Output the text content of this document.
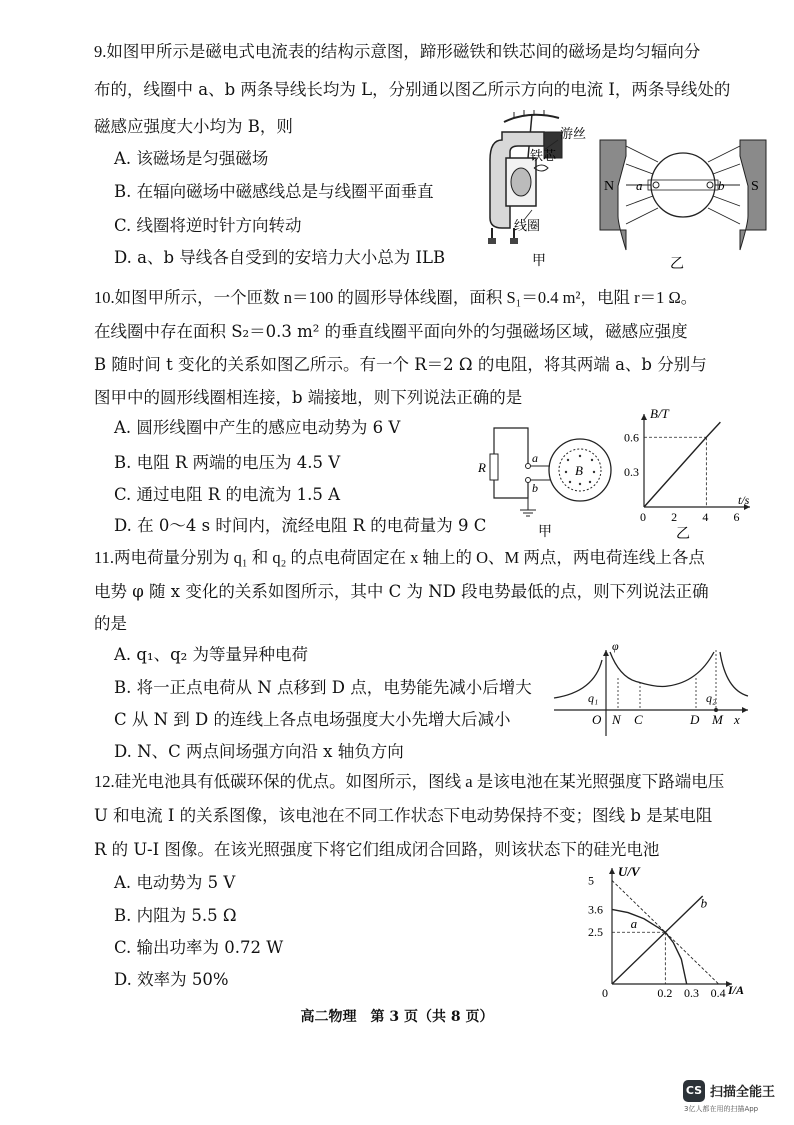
9.如图甲所示是磁电式电流表的结构示意图，蹄形磁铁和铁芯间的磁场是均匀辐向分
布的，线圈中 a、b 两条导线长均为 L，分别通以图乙所示方向的电流 I，两条导线处的
磁感应强度大小均为 B，则
A. 该磁场是匀强磁场
B. 在辐向磁场中磁感线总是与线圈平面垂直
C. 线圈将逆时针方向转动
D. a、b 导线各自受到的安培力大小总为 ILB
游丝
铁芯
线圈
甲
N	S
a	b
乙
10.如图甲所示，一个匝数 n＝100 的圆形导体线圈，面积 S₁＝0.4 m²，电阻 r＝1 Ω。
在线圈中存在面积 S₂＝0.3 m² 的垂直线圈平面向外的匀强磁场区域，磁感应强度
B 随时间 t 变化的关系如图乙所示。有一个 R＝2 Ω 的电阻，将其两端 a、b 分别与
图甲中的圆形线圈相连接，b 端接地，则下列说法正确的是
A. 圆形线圈中产生的感应电动势为 6 V
B. 电阻 R 两端的电压为 4.5 V
C. 通过电阻 R 的电流为 1.5 A
D. 在 0～4 s 时间内，流经电阻 R 的电荷量为 9 C
R
a
b
B
甲
0.3
0.6
0 2 4 6
B/T
t/s
乙
11.两电荷量分别为 q₁ 和 q₂ 的点电荷固定在 x 轴上的 O、M 两点，两电荷连线上各点
电势 φ 随 x 变化的关系如图所示，其中 C 为 ND 段电势最低的点，则下列说法正确
的是
A. q₁、q₂ 为等量异种电荷
B. 将一正点电荷从 N 点移到 D 点，电势能先减小后增大
C 从 N 到 D 的连线上各点电场强度大小先增大后减小
D. N、C 两点间场强方向沿 x 轴负方向
φ
q₁	q₂
O N C	D M x
12.硅光电池具有低碳环保的优点。如图所示，图线 a 是该电池在某光照强度下路端电压
U 和电流 I 的关系图像，该电池在不同工作状态下电动势保持不变；图线 b 是某电阻
R 的 U-I 图像。在该光照强度下将它们组成闭合回路，则该状态下的硅光电池
A. 电动势为 5 V
B. 内阻为 5.5 Ω
C. 输出功率为 0.72 W
D. 效率为 50%
2.5
3.6
5
0	0.2 0.3 0.4
a
b
U/V
I/A
高二物理　第 3 页（共 8 页）
CS 扫描全能王
3亿人都在用的扫描App
